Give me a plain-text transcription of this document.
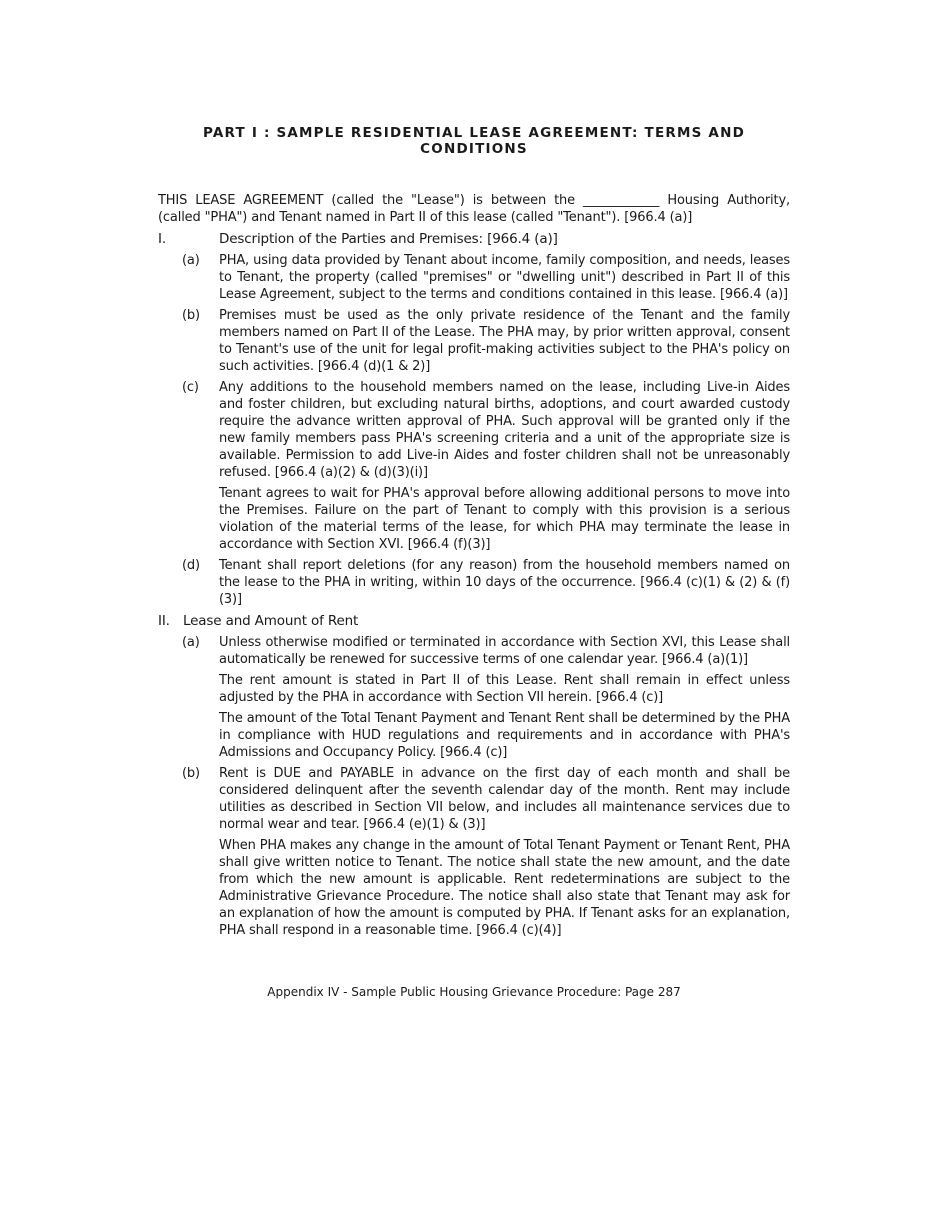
PART I : SAMPLE RESIDENTIAL LEASE AGREEMENT: TERMS AND CONDITIONS

THIS LEASE AGREEMENT (called the "Lease") is between the ____________ Housing Authority, (called "PHA") and Tenant named in Part II of this lease (called "Tenant"). [966.4 (a)]

I.	Description of the Parties and Premises: [966.4 (a)]
(a)	PHA, using data provided by Tenant about income, family composition, and needs, leases to Tenant, the property (called "premises" or "dwelling unit") described in Part II of this Lease Agreement, subject to the terms and conditions contained in this lease. [966.4 (a)]

(b)	Premises must be used as the only private residence of the Tenant and the family members named on Part II of the Lease. The PHA may, by prior written approval, consent to Tenant's use of the unit for legal profit-making activities subject to the PHA's policy on such activities. [966.4 (d)(1 & 2)]

(c)	Any additions to the household members named on the lease, including Live-in Aides and foster children, but excluding natural births, adoptions, and court awarded custody require the advance written approval of PHA. Such approval will be granted only if the new family members pass PHA's screening criteria and a unit of the appropriate size is available. Permission to add Live-in Aides and foster children shall not be unreasonably refused. [966.4 (a)(2) & (d)(3)(i)]

Tenant agrees to wait for PHA's approval before allowing additional persons to move into the Premises. Failure on the part of Tenant to comply with this provision is a serious violation of the material terms of the lease, for which PHA may terminate the lease in accordance with Section XVI. [966.4 (f)(3)]

(d)	Tenant shall report deletions (for any reason) from the household members named on the lease to the PHA in writing, within 10 days of the occurrence. [966.4 (c)(1) & (2) & (f)(3)]

II. Lease and Amount of Rent
(a)	Unless otherwise modified or terminated in accordance with Section XVI, this Lease shall automatically be renewed for successive terms of one calendar year. [966.4 (a)(1)]

The rent amount is stated in Part II of this Lease. Rent shall remain in effect unless adjusted by the PHA in accordance with Section VII herein. [966.4 (c)]

The amount of the Total Tenant Payment and Tenant Rent shall be determined by the PHA in compliance with HUD regulations and requirements and in accordance with PHA's Admissions and Occupancy Policy. [966.4 (c)]

(b)	Rent is DUE and PAYABLE in advance on the first day of each month and shall be considered delinquent after the seventh calendar day of the month. Rent may include utilities as described in Section VII below, and includes all maintenance services due to normal wear and tear. [966.4 (e)(1) & (3)]

When PHA makes any change in the amount of Total Tenant Payment or Tenant Rent, PHA shall give written notice to Tenant. The notice shall state the new amount, and the date from which the new amount is applicable. Rent redeterminations are subject to the Administrative Grievance Procedure. The notice shall also state that Tenant may ask for an explanation of how the amount is computed by PHA. If Tenant asks for an explanation, PHA shall respond in a reasonable time. [966.4 (c)(4)]

Appendix IV - Sample Public Housing Grievance Procedure: Page 287
